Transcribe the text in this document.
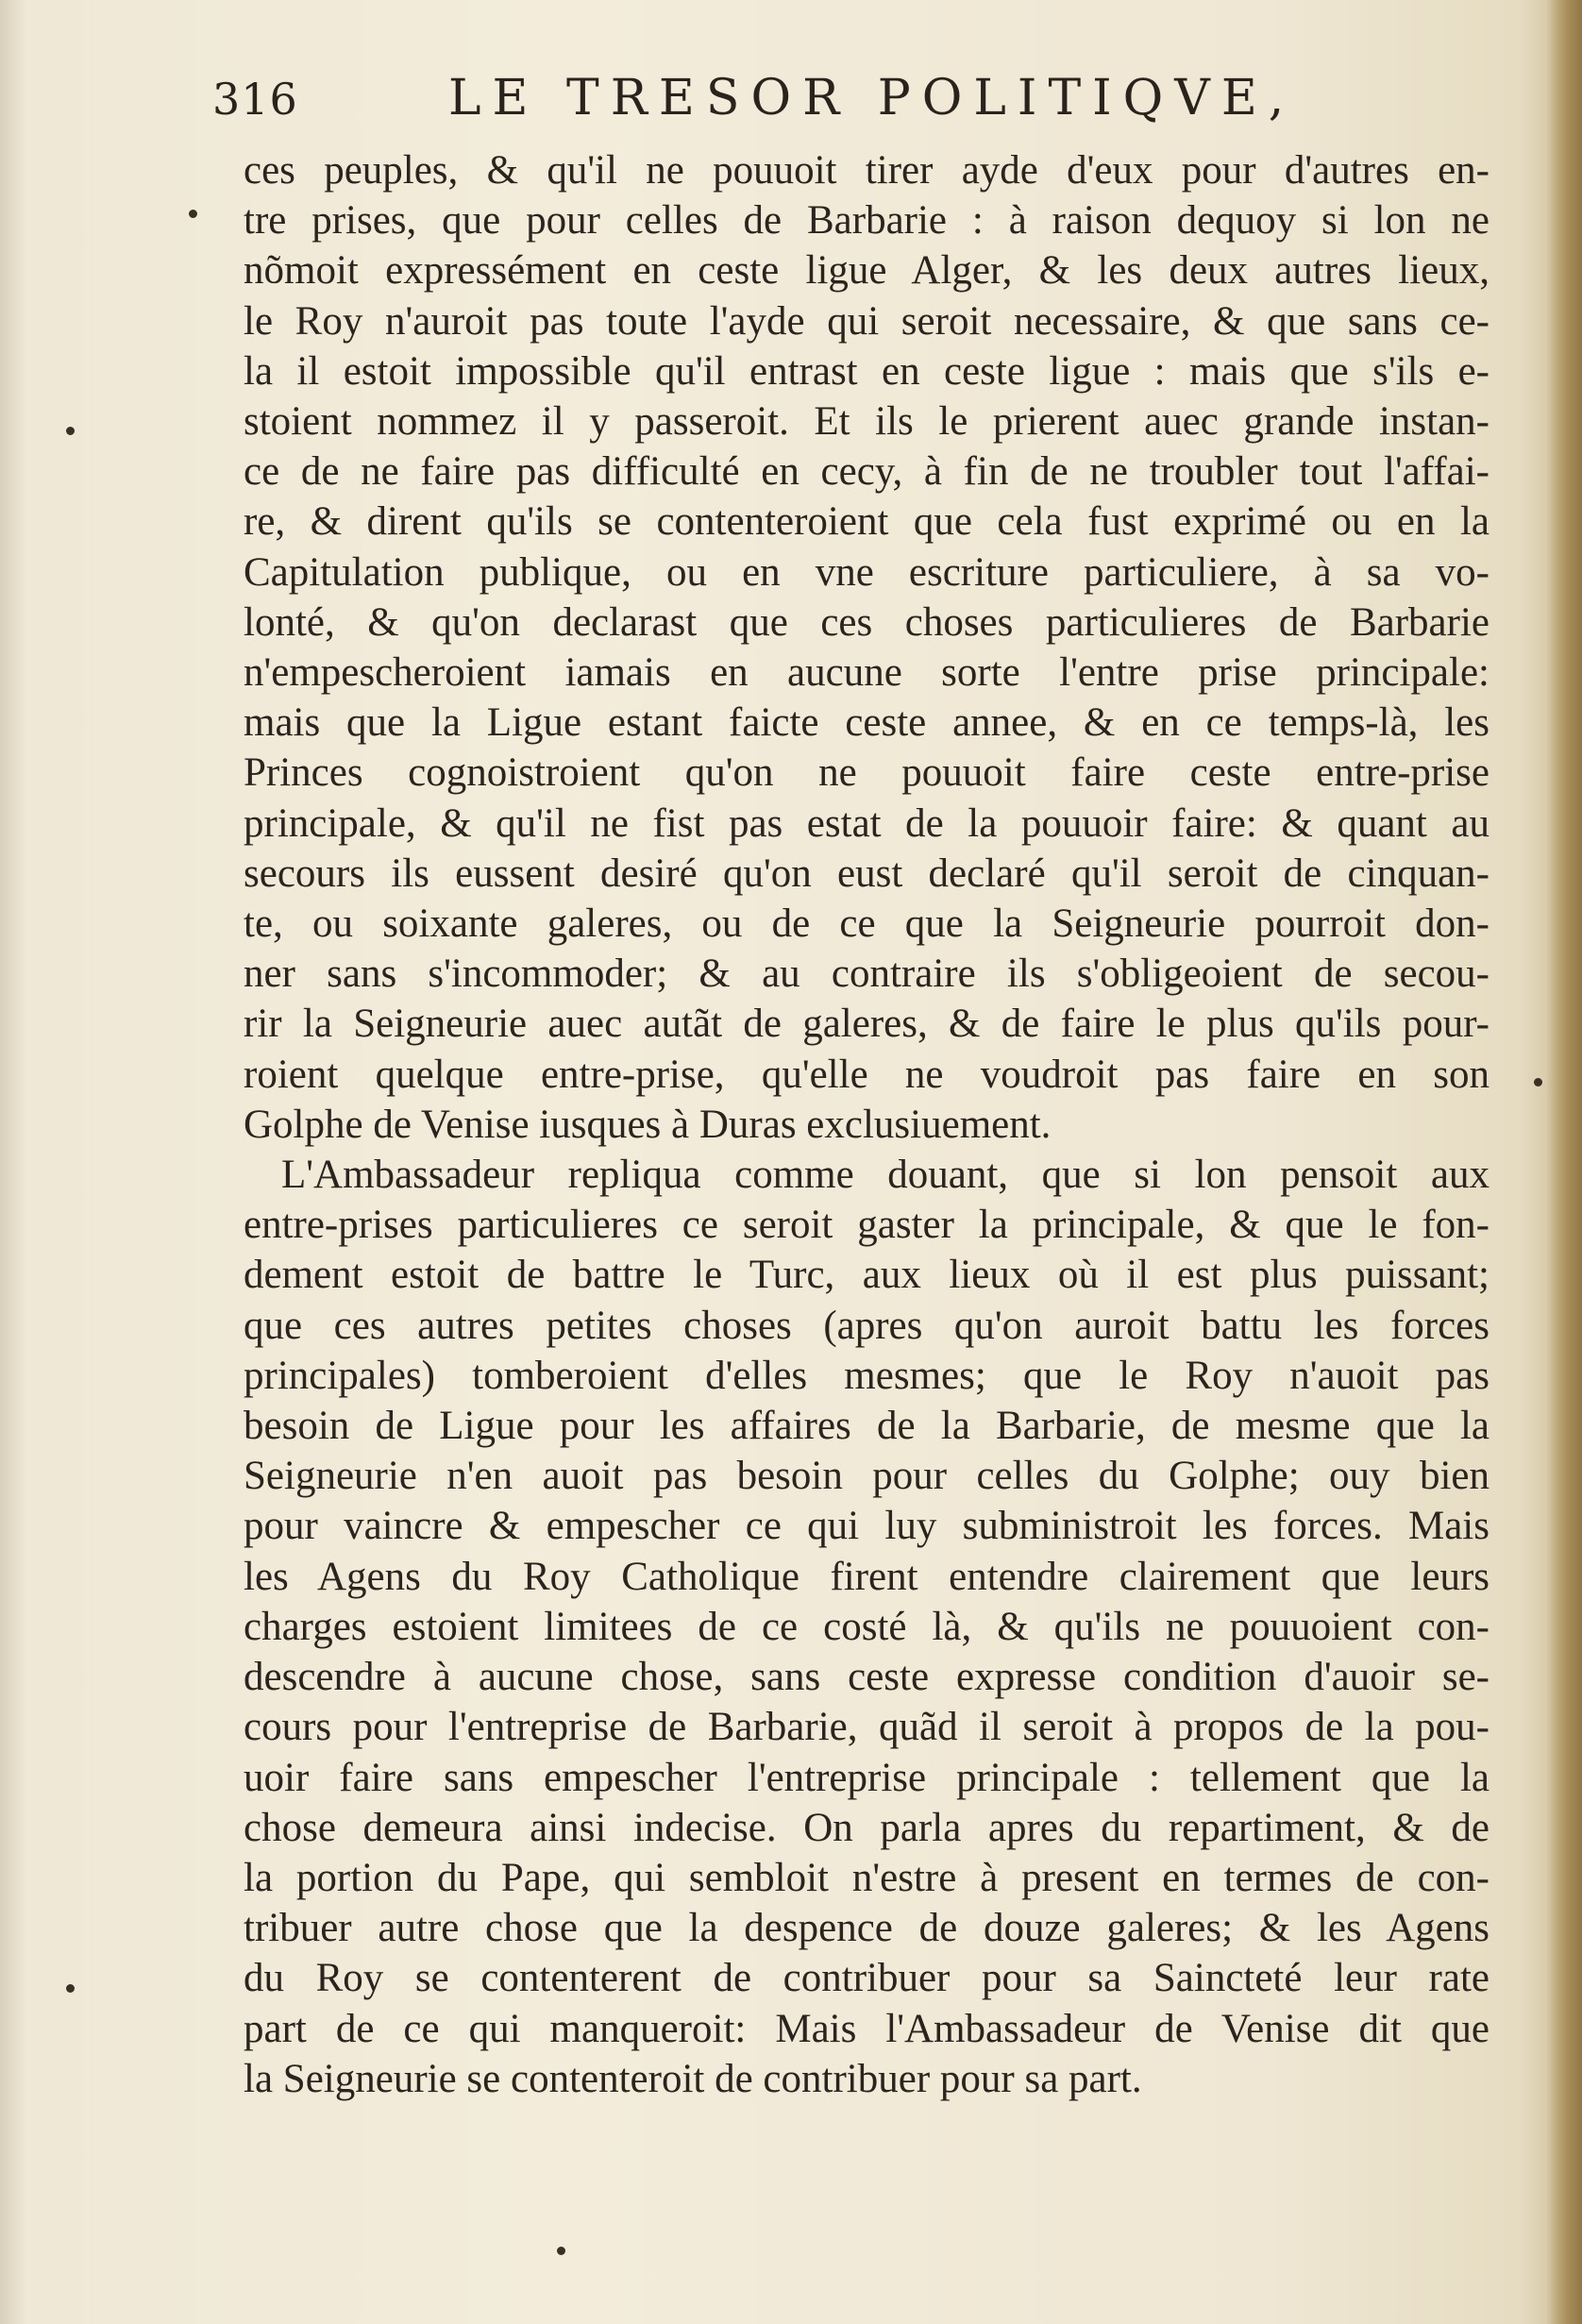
316	LE TRESOR POLITIQVE,
ces peuples, & qu'il ne pouuoit tirer ayde d'eux pour d'autres en-
tre prises, que pour celles de Barbarie : à raison dequoy si lon ne
nõmoit expressément en ceste ligue Alger, & les deux autres lieux,
le Roy n'auroit pas toute l'ayde qui seroit necessaire, & que sans ce-
la il estoit impossible qu'il entrast en ceste ligue : mais que s'ils e-
stoient nommez il y passeroit. Et ils le prierent auec grande instan-
ce de ne faire pas difficulté en cecy, à fin de ne troubler tout l'affai-
re, & dirent qu'ils se contenteroient que cela fust exprimé ou en la
Capitulation publique, ou en vne escriture particuliere, à sa vo-
lonté, & qu'on declarast que ces choses particulieres de Barbarie
n'empescheroient iamais en aucune sorte l'entre prise principale:
mais que la Ligue estant faicte ceste annee, & en ce temps-là, les
Princes cognoistroient qu'on ne pouuoit faire ceste entre-prise
principale, & qu'il ne fist pas estat de la pouuoir faire: & quant au
secours ils eussent desiré qu'on eust declaré qu'il seroit de cinquan-
te, ou soixante galeres, ou de ce que la Seigneurie pourroit don-
ner sans s'incommoder; & au contraire ils s'obligeoient de secou-
rir la Seigneurie auec autãt de galeres, & de faire le plus qu'ils pour-
roient quelque entre-prise, qu'elle ne voudroit pas faire en son
Golphe de Venise iusques à Duras exclusiuement.
L'Ambassadeur repliqua comme douant, que si lon pensoit aux
entre-prises particulieres ce seroit gaster la principale, & que le fon-
dement estoit de battre le Turc, aux lieux où il est plus puissant;
que ces autres petites choses (apres qu'on auroit battu les forces
principales) tomberoient d'elles mesmes; que le Roy n'auoit pas
besoin de Ligue pour les affaires de la Barbarie, de mesme que la
Seigneurie n'en auoit pas besoin pour celles du Golphe; ouy bien
pour vaincre & empescher ce qui luy subministroit les forces. Mais
les Agens du Roy Catholique firent entendre clairement que leurs
charges estoient limitees de ce costé là, & qu'ils ne pouuoient con-
descendre à aucune chose, sans ceste expresse condition d'auoir se-
cours pour l'entreprise de Barbarie, quãd il seroit à propos de la pou-
uoir faire sans empescher l'entreprise principale : tellement que la
chose demeura ainsi indecise. On parla apres du repartiment, & de
la portion du Pape, qui sembloit n'estre à present en termes de con-
tribuer autre chose que la despence de douze galeres; & les Agens
du Roy se contenterent de contribuer pour sa Saincteté leur rate
part de ce qui manqueroit: Mais l'Ambassadeur de Venise dit que
la Seigneurie se contenteroit de contribuer pour sa part.
